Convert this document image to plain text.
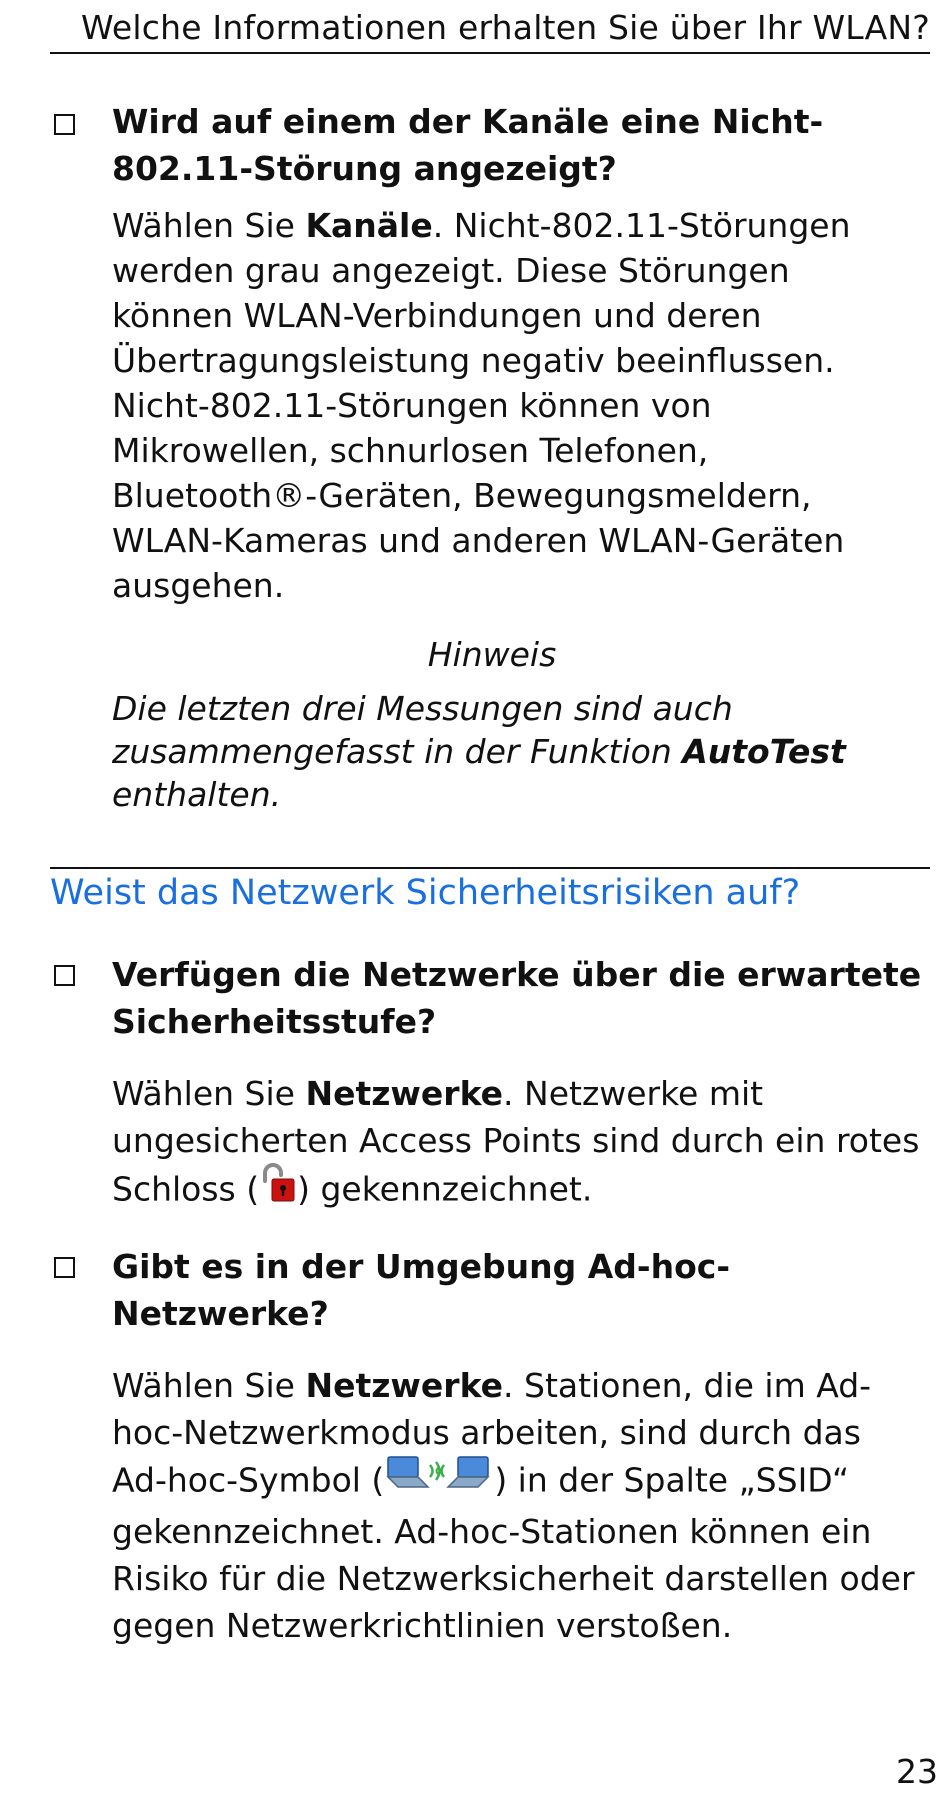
Welche Informationen erhalten Sie über Ihr WLAN?
Wird auf einem der Kanäle eine Nicht-
802.11-Störung angezeigt?
Wählen Sie Kanäle. Nicht-802.11-Störungen
werden grau angezeigt. Diese Störungen
können WLAN-Verbindungen und deren
Übertragungsleistung negativ beeinflussen.
Nicht-802.11-Störungen können von
Mikrowellen, schnurlosen Telefonen,
Bluetooth®-Geräten, Bewegungsmeldern,
WLAN-Kameras und anderen WLAN-Geräten
ausgehen.
Hinweis
Die letzten drei Messungen sind auch
zusammengefasst in der Funktion AutoTest
enthalten.
Weist das Netzwerk Sicherheitsrisiken auf?
Verfügen die Netzwerke über die erwartete
Sicherheitsstufe?
Wählen Sie Netzwerke. Netzwerke mit
ungesicherten Access Points sind durch ein rotes
Schloss ( ) gekennzeichnet.
Gibt es in der Umgebung Ad-hoc-
Netzwerke?
Wählen Sie Netzwerke. Stationen, die im Ad-
hoc-Netzwerkmodus arbeiten, sind durch das
Ad-hoc-Symbol (	) in der Spalte „SSID“
gekennzeichnet. Ad-hoc-Stationen können ein
Risiko für die Netzwerksicherheit darstellen oder
gegen Netzwerkrichtlinien verstoßen.
23
